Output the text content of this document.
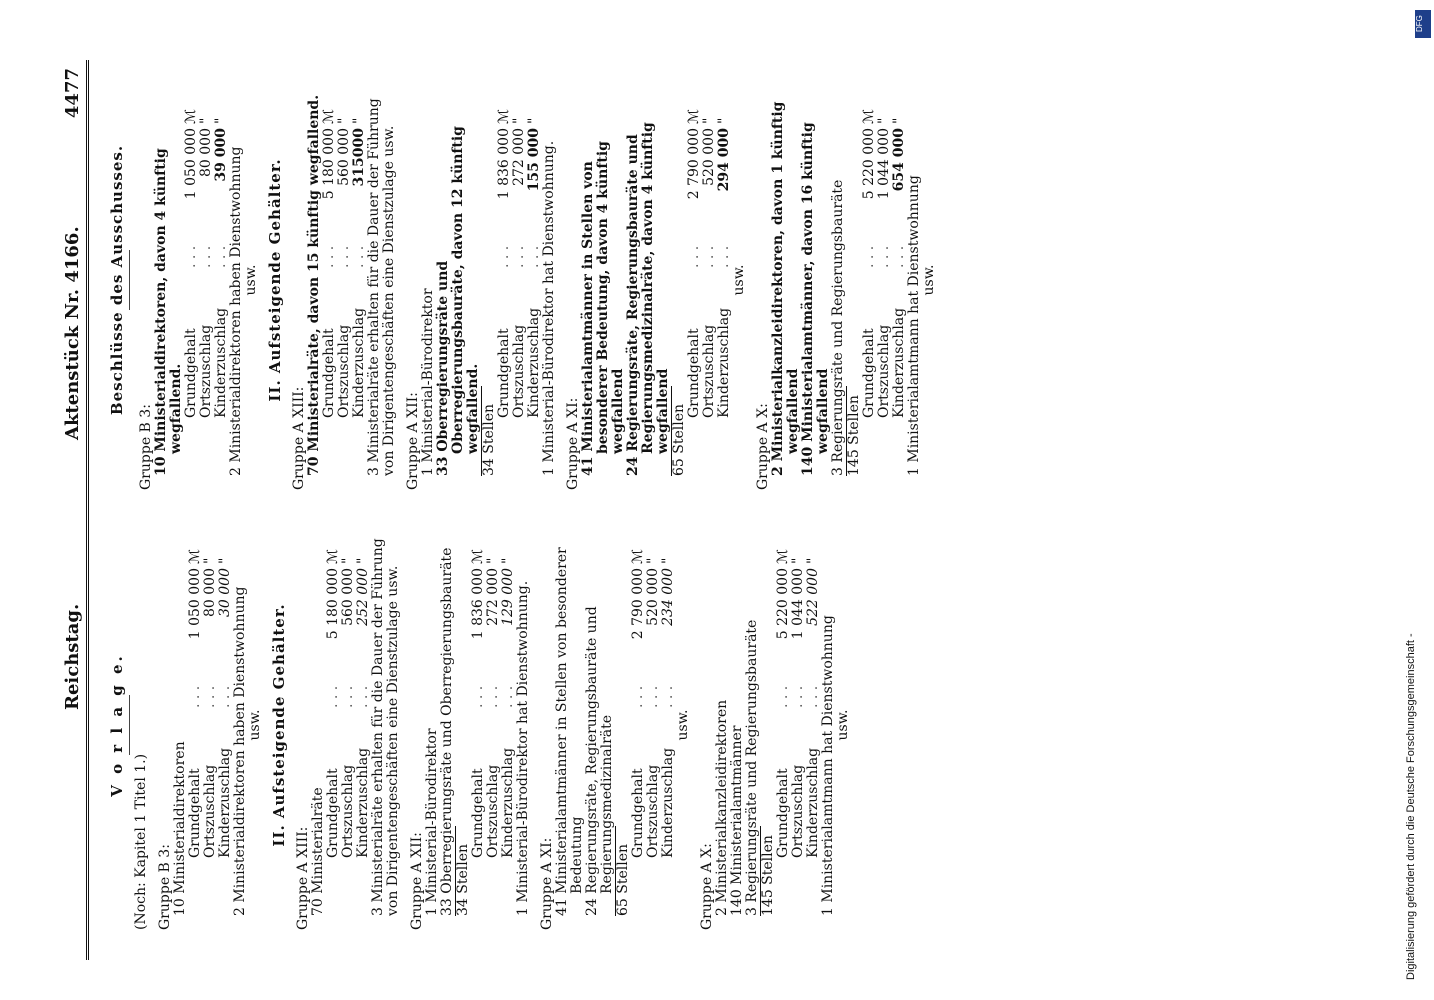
Reichstag.
Aktenstück Nr. 4166.
4477
V o r l a g e.
(Noch: Kapitel 1 Titel 1.) Gruppe B 3: 10 Ministerialdirektoren Grundgehalt
. . .
1 050 000
ℳ
Ortszuschlag
. . .
80 000
"
Kinderzuschlag
. . .
30 000
"
2 Ministerialdirektoren haben Dienstwohnung usw. II. Aufsteigende Gehälter.
Gruppe A XIII: 70 Ministerialräte Grundgehalt
. . .
5 180 000
ℳ
Ortszuschlag
. . .
560 000
"
Kinderzuschlag
. . .
252 000
" 3 Ministerialräte erhalten für die Dauer der Führung von Dirigentengeschäften eine Dienstzulage usw. Gruppe A XII: 1 Ministerial-Bürodirektor 33 Oberregierungsräte und Oberregierungsbauräte 34 Stellen
Grundgehalt
. . .
1 836 000
ℳ
Ortszuschlag
. . .
272 000
"
Kinderzuschlag
. . .
129 000
"
1 Ministerial-Bürodirektor hat Dienstwohnung. Gruppe A XI: 41 Ministerialamtmänner in Stellen von besonderer Bedeutung 24 Regierungsräte, Regierungsbauräte und Regierungsmedizinalräte 65 Stellen
Grundgehalt
. . .
2 790 000
ℳ
Ortszuschlag
. . .
520 000
"
Kinderzuschlag
. . .
234 000
"
usw.
Gruppe A X: 2 Ministerialkanzleidirektoren 140 Ministerialamtmänner 3 Regierungsräte und Regierungsbauräte 145 Stellen
Grundgehalt
. . .
5 220 000
ℳ
Ortszuschlag
. . .
1 044 000
"
Kinderzuschlag
. . .
522 000
"
1 Ministerialamtmann hat Dienstwohnung usw.
Beschlüsse des Ausschusses.
Gruppe B 3: 10 Ministerialdirektoren, davon 4 künftig wegfallend. Grundgehalt
. . .
1 050 000
ℳ
Ortszuschlag
. . .
80 000
"
Kinderzuschlag
. . .
39 000
"
2 Ministerialdirektoren haben Dienstwohnung usw. II. Aufsteigende Gehälter.
Gruppe A XIII: 70 Ministerialräte, davon 15 künftig wegfallend. Grundgehalt
. . .
5 180 000
ℳ
Ortszuschlag
. . .
560 000
"
Kinderzuschlag
. . .
315000
" 3 Ministerialräte erhalten für die Dauer der Führung von Dirigentengeschäften eine Dienstzulage usw. Gruppe A XII: 1 Ministerial-Bürodirektor 33 Oberregierungsräte und Oberregierungsbauräte, davon 12 künftig wegfallend. 34 Stellen
Grundgehalt
. . .
1 836 000
ℳ
Ortszuschlag
. . .
272 000
"
Kinderzuschlag
. . .
155 000
"
1 Ministerial-Bürodirektor hat Dienstwohnung. Gruppe A XI: 41 Ministerialamtmänner in Stellen von besonderer Bedeutung, davon 4 künftig wegfallend 24 Regierungsräte, Regierungsbauräte und Regierungsmedizinalräte, davon 4 künftig wegfallend 65 Stellen
Grundgehalt
. . .
2 790 000
ℳ
Ortszuschlag
. . .
520 000
"
Kinderzuschlag
. . .
294 000
"
usw.
Gruppe A X: 2 Ministerialkanzleidirektoren, davon 1 künftig wegfallend 140 Ministerialamtmänner, davon 16 künftig wegfallend 3 Regierungsräte und Regierungsbauräte 145 Stellen
Grundgehalt
. . .
5 220 000
ℳ
Ortszuschlag
. . .
1 044 000
"
Kinderzuschlag
. . .
654 000
"
1 Ministerialamtmann hat Dienstwohnung usw.
Digitalisierung gefördert durch die Deutsche Forschungsgemeinschaft -
DFG
